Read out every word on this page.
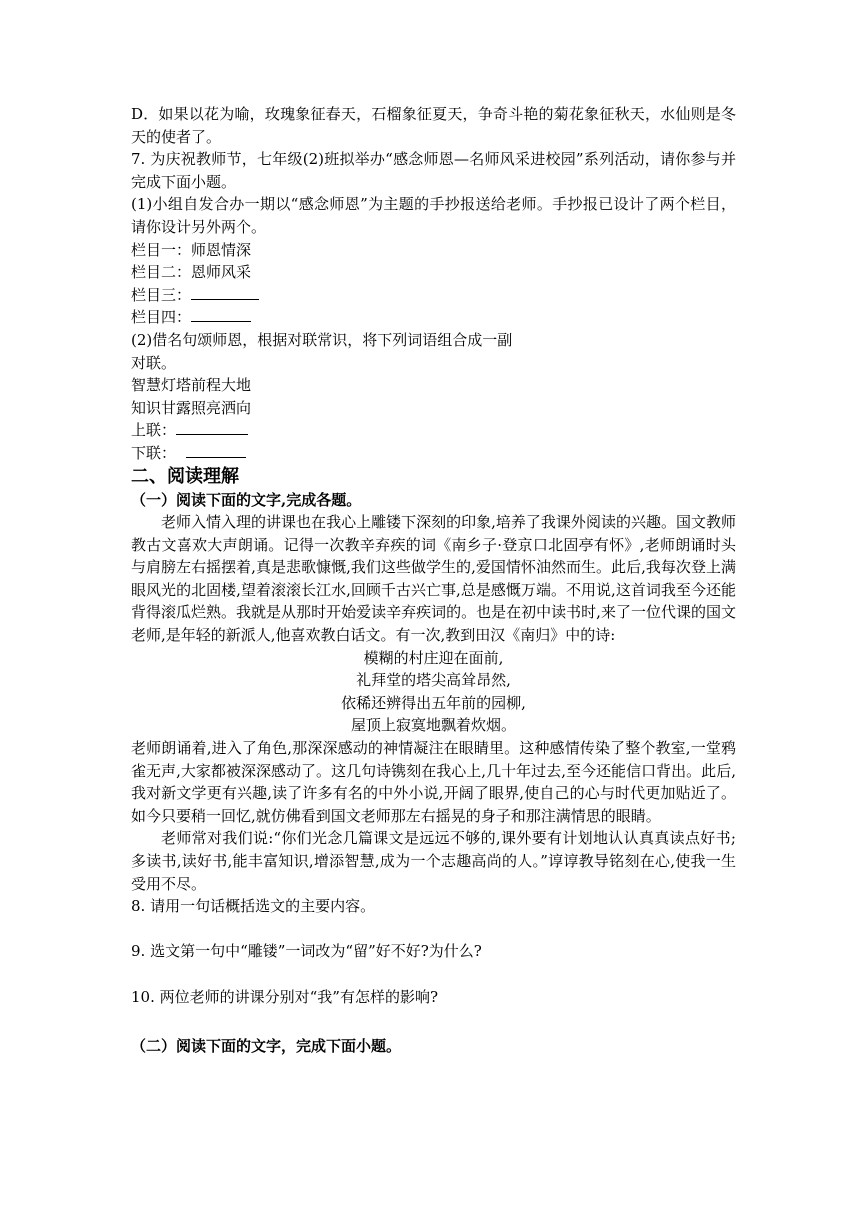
D．如果以花为喻，玫瑰象征春天，石榴象征夏天，争奇斗艳的菊花象征秋天，水仙则是冬天的使者了。

7. 为庆祝教师节，七年级(2)班拟举办“感念师恩—名师风采进校园”系列活动，请你参与并完成下面小题。

(1)小组自发合办一期以“感念师恩”为主题的手抄报送给老师。手抄报已设计了两个栏目，请你设计另外两个。

栏目一：师恩情深

栏目二：恩师风采

栏目三：

栏目四：

(2)借名句颂师恩，根据对联常识，将下列词语组合成一副

对联。

智慧灯塔前程大地

知识甘露照亮洒向

上联：

下联：

二、阅读理解

（一）阅读下面的文字,完成各题。

老师入情入理的讲课也在我心上雕镂下深刻的印象,培养了我课外阅读的兴趣。国文教师教古文喜欢大声朗诵。记得一次教辛弃疾的词《南乡子·登京口北固亭有怀》,老师朗诵时头与肩膀左右摇摆着,真是悲歌慷慨,我们这些做学生的,爱国情怀油然而生。此后,我每次登上满眼风光的北固楼,望着滚滚长江水,回顾千古兴亡事,总是感慨万端。不用说,这首词我至今还能背得滚瓜烂熟。我就是从那时开始爱读辛弃疾词的。也是在初中读书时,来了一位代课的国文老师,是年轻的新派人,他喜欢教白话文。有一次,教到田汉《南归》中的诗:

模糊的村庄迎在面前,

礼拜堂的塔尖高耸昂然,

依稀还辨得出五年前的园柳,

屋顶上寂寞地飘着炊烟。

老师朗诵着,进入了角色,那深深感动的神情凝注在眼睛里。这种感情传染了整个教室,一堂鸦雀无声,大家都被深深感动了。这几句诗镌刻在我心上,几十年过去,至今还能信口背出。此后,我对新文学更有兴趣,读了许多有名的中外小说,开阔了眼界,使自己的心与时代更加贴近了。如今只要稍一回忆,就仿佛看到国文老师那左右摇晃的身子和那注满情思的眼睛。

老师常对我们说:“你们光念几篇课文是远远不够的,课外要有计划地认认真真读点好书;多读书,读好书,能丰富知识,增添智慧,成为一个志趣高尚的人。”谆谆教导铭刻在心,使我一生受用不尽。

8. 请用一句话概括选文的主要内容。

9. 选文第一句中“雕镂”一词改为“留”好不好?为什么?

10. 两位老师的讲课分别对“我”有怎样的影响?

（二）阅读下面的文字，完成下面小题。
